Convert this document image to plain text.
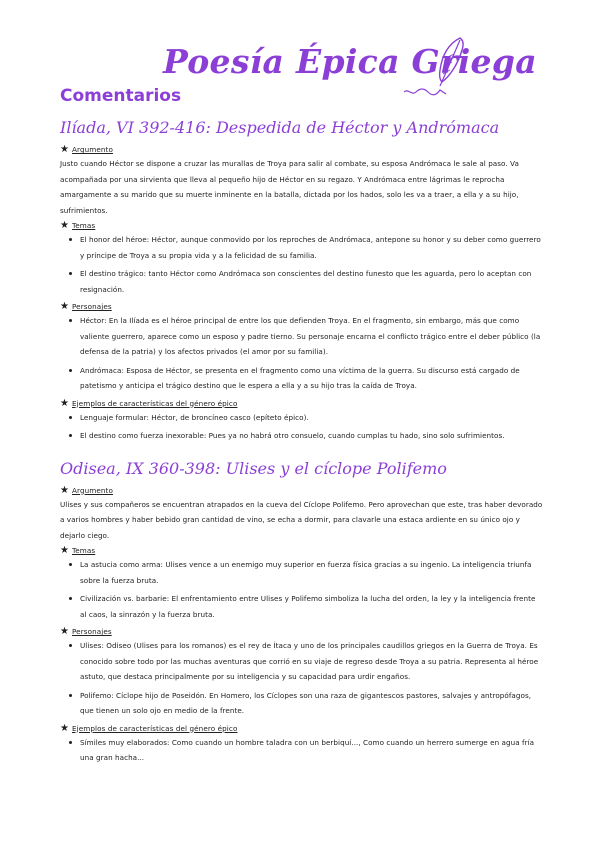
Poesía Épica Griega
Comentarios
Ilíada, VI 392-416: Despedida de Héctor y Andrómaca
★ Argumento

Justo cuando Héctor se dispone a cruzar las murallas de Troya para salir al combate, su esposa Andrómaca le sale al paso. Va acompañada por una sirvienta que lleva al pequeño hijo de Héctor en su regazo. Y Andrómaca entre lágrimas le reprocha amargamente a su marido que su muerte inminente en la batalla, dictada por los hados, solo les va a traer, a ella y a su hijo, sufrimientos.

★ Temas
El honor del héroe: Héctor, aunque conmovido por los reproches de Andrómaca, antepone su honor y su deber como guerrero y príncipe de Troya a su propia vida y a la felicidad de su familia.
El destino trágico: tanto Héctor como Andrómaca son conscientes del destino funesto que les aguarda, pero lo aceptan con resignación.
★ Personajes
Héctor: En la Ilíada es el héroe principal de entre los que defienden Troya. En el fragmento, sin embargo, más que como valiente guerrero, aparece como un esposo y padre tierno. Su personaje encarna el conflicto trágico entre el deber público (la defensa de la patria) y los afectos privados (el amor por su familia).
Andrómaca: Esposa de Héctor, se presenta en el fragmento como una víctima de la guerra. Su discurso está cargado de patetismo y anticipa el trágico destino que le espera a ella y a su hijo tras la caída de Troya.
★ Ejemplos de características del género épico
Lenguaje formular: Héctor, de broncíneo casco (epíteto épico).
El destino como fuerza inexorable: Pues ya no habrá otro consuelo, cuando cumplas tu hado, sino solo sufrimientos.
Odisea, IX 360-398: Ulises y el cíclope Polifemo
★ Argumento

Ulises y sus compañeros se encuentran atrapados en la cueva del Cíclope Polifemo. Pero aprovechan que este, tras haber devorado a varios hombres y haber bebido gran cantidad de vino, se echa a dormir, para clavarle una estaca ardiente en su único ojo y dejarlo ciego.

★ Temas
La astucia como arma: Ulises vence a un enemigo muy superior en fuerza física gracias a su ingenio. La inteligencia triunfa sobre la fuerza bruta.
Civilización vs. barbarie: El enfrentamiento entre Ulises y Polifemo simboliza la lucha del orden, la ley y la inteligencia frente al caos, la sinrazón y la fuerza bruta.
★ Personajes
Ulises: Odiseo (Ulises para los romanos) es el rey de Ítaca y uno de los principales caudillos griegos en la Guerra de Troya. Es conocido sobre todo por las muchas aventuras que corrió en su viaje de regreso desde Troya a su patria. Representa al héroe astuto, que destaca principalmente por su inteligencia y su capacidad para urdir engaños.
Polifemo: Cíclope hijo de Poseidón. En Homero, los Cíclopes son una raza de gigantescos pastores, salvajes y antropófagos, que tienen un solo ojo en medio de la frente.
★ Ejemplos de características del género épico
Símiles muy elaborados: Como cuando un hombre taladra con un berbiquí..., Como cuando un herrero sumerge en agua fría una gran hacha...
